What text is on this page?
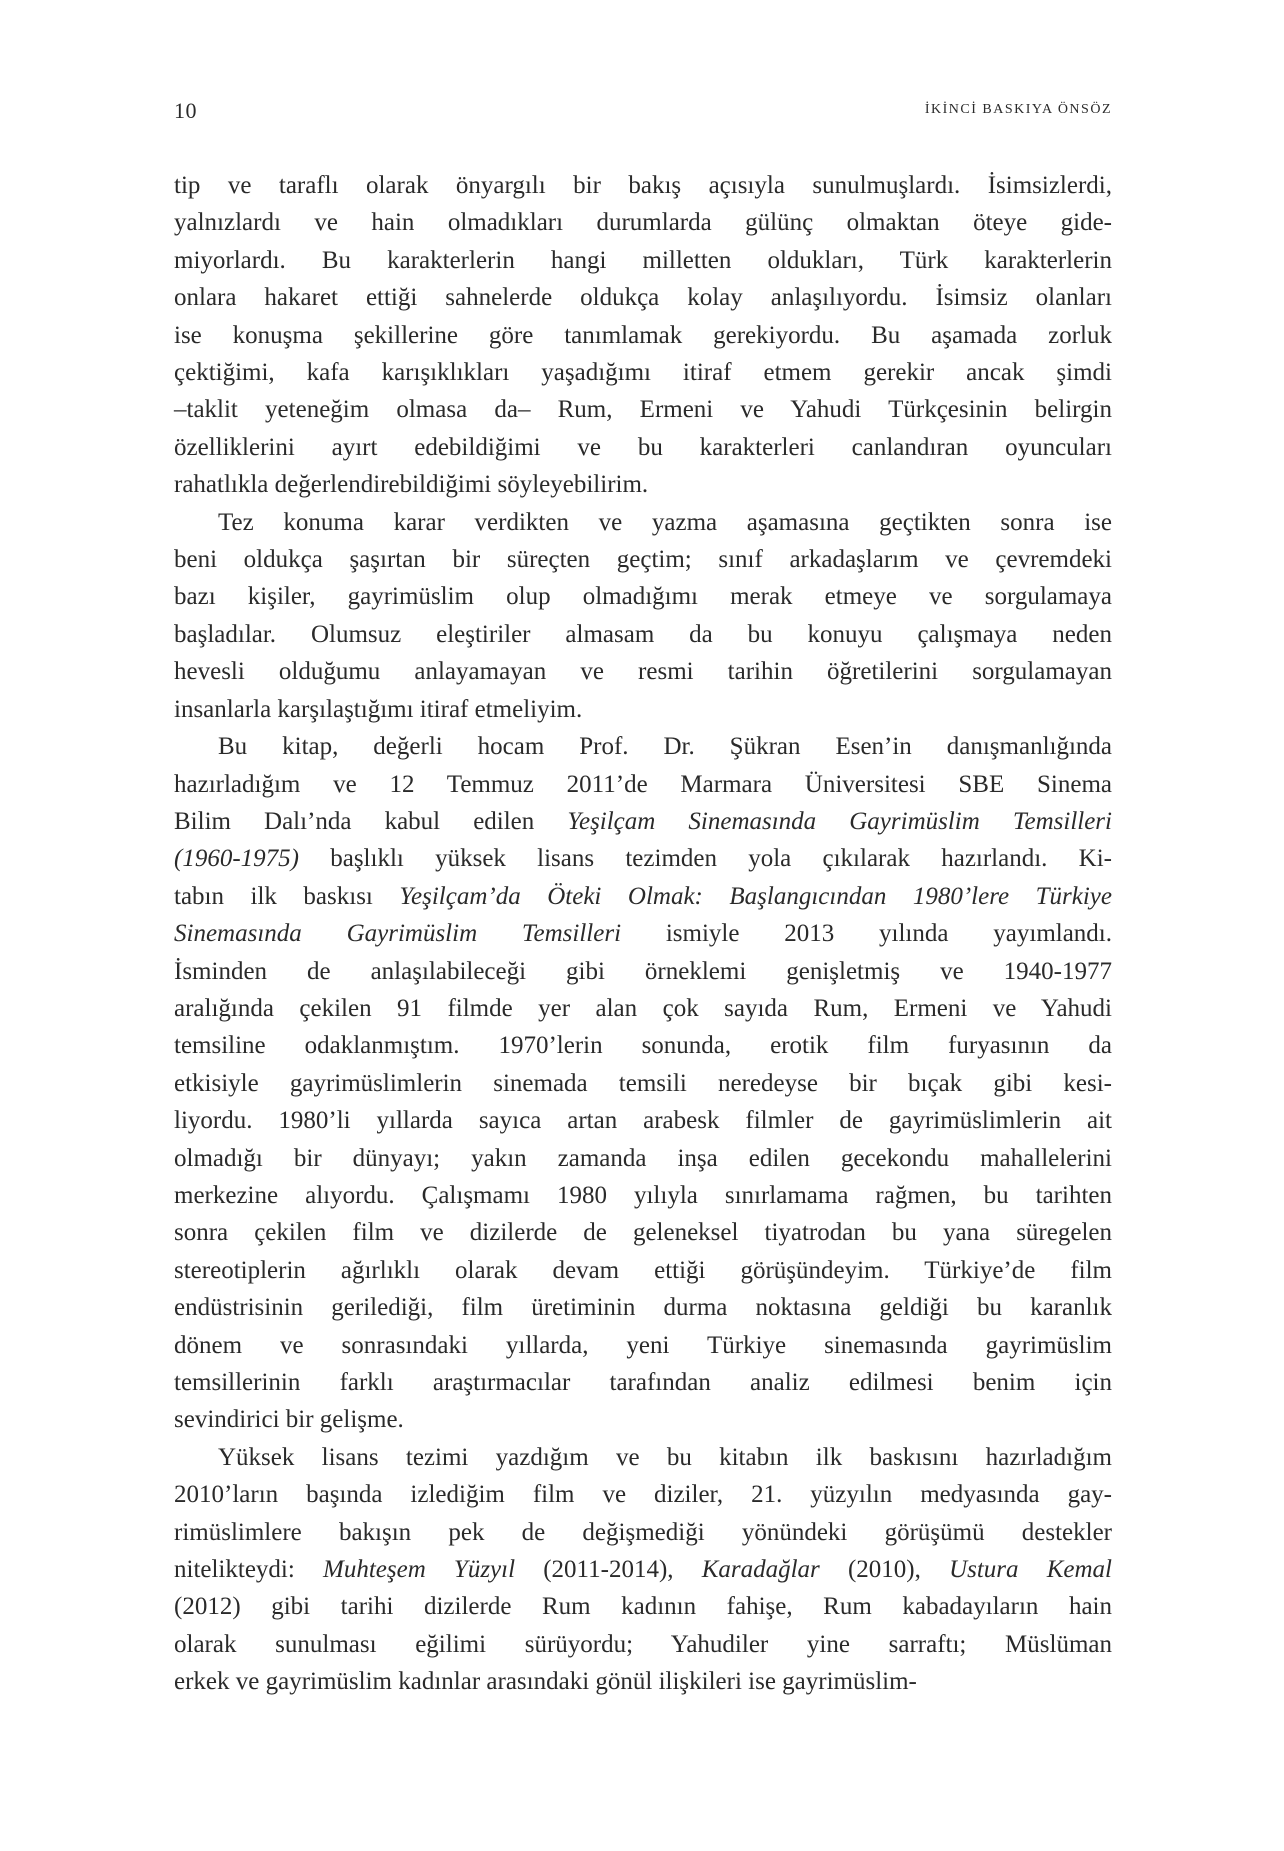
10	İKİNCİ BASKIYA ÖNSÖZ
tip ve taraflı olarak önyargılı bir bakış açısıyla sunulmuşlardı. İsimsizlerdi,
yalnızlardı ve hain olmadıkları durumlarda gülünç olmaktan öteye gide-
miyorlardı. Bu karakterlerin hangi milletten oldukları, Türk karakterlerin
onlara hakaret ettiği sahnelerde oldukça kolay anlaşılıyordu. İsimsiz olanları
ise konuşma şekillerine göre tanımlamak gerekiyordu. Bu aşamada zorluk
çektiğimi, kafa karışıklıkları yaşadığımı itiraf etmem gerekir ancak şimdi
–taklit yeteneğim olmasa da– Rum, Ermeni ve Yahudi Türkçesinin belirgin
özelliklerini ayırt edebildiğimi ve bu karakterleri canlandıran oyuncuları
rahatlıkla değerlendirebildiğimi söyleyebilirim.
Tez konuma karar verdikten ve yazma aşamasına geçtikten sonra ise
beni oldukça şaşırtan bir süreçten geçtim; sınıf arkadaşlarım ve çevremdeki
bazı kişiler, gayrimüslim olup olmadığımı merak etmeye ve sorgulamaya
başladılar. Olumsuz eleştiriler almasam da bu konuyu çalışmaya neden
hevesli olduğumu anlayamayan ve resmi tarihin öğretilerini sorgulamayan
insanlarla karşılaştığımı itiraf etmeliyim.
Bu kitap, değerli hocam Prof. Dr. Şükran Esen’in danışmanlığında
hazırladığım ve 12 Temmuz 2011’de Marmara Üniversitesi SBE Sinema
Bilim Dalı’nda kabul edilen Yeşilçam Sinemasında Gayrimüslim Temsilleri
(1960-1975) başlıklı yüksek lisans tezimden yola çıkılarak hazırlandı. Ki-
tabın ilk baskısı Yeşilçam’da Öteki Olmak: Başlangıcından 1980’lere Türkiye
Sinemasında Gayrimüslim Temsilleri ismiyle 2013 yılında yayımlandı.
İsminden de anlaşılabileceği gibi örneklemi genişletmiş ve 1940-1977
aralığında çekilen 91 filmde yer alan çok sayıda Rum, Ermeni ve Yahudi
temsiline odaklanmıştım. 1970’lerin sonunda, erotik film furyasının da
etkisiyle gayrimüslimlerin sinemada temsili neredeyse bir bıçak gibi kesi-
liyordu. 1980’li yıllarda sayıca artan arabesk filmler de gayrimüslimlerin ait
olmadığı bir dünyayı; yakın zamanda inşa edilen gecekondu mahallelerini
merkezine alıyordu. Çalışmamı 1980 yılıyla sınırlamama rağmen, bu tarihten
sonra çekilen film ve dizilerde de geleneksel tiyatrodan bu yana süregelen
stereotiplerin ağırlıklı olarak devam ettiği görüşündeyim. Türkiye’de film
endüstrisinin gerilediği, film üretiminin durma noktasına geldiği bu karanlık
dönem ve sonrasındaki yıllarda, yeni Türkiye sinemasında gayrimüslim
temsillerinin farklı araştırmacılar tarafından analiz edilmesi benim için
sevindirici bir gelişme.
Yüksek lisans tezimi yazdığım ve bu kitabın ilk baskısını hazırladığım
2010’ların başında izlediğim film ve diziler, 21. yüzyılın medyasında gay-
rimüslimlere bakışın pek de değişmediği yönündeki görüşümü destekler
nitelikteydi: Muhteşem Yüzyıl (2011-2014), Karadağlar (2010), Ustura Kemal
(2012) gibi tarihi dizilerde Rum kadının fahişe, Rum kabadayıların hain
olarak sunulması eğilimi sürüyordu; Yahudiler yine sarraftı; Müslüman
erkek ve gayrimüslim kadınlar arasındaki gönül ilişkileri ise gayrimüslim-
